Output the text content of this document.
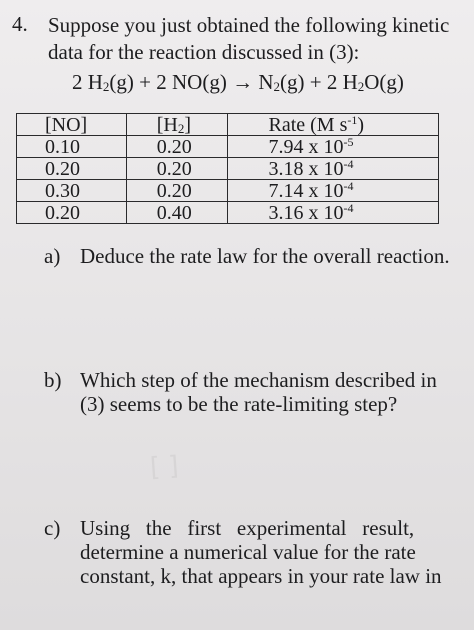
[ ]
4. Suppose you just obtained the following kinetic
data for the reaction discussed in (3):
2 $H_2(g) + 2$ $NO(g) \to N_2(g) + 2$ $H_2O(g)$
[NO]	$[H_2]$	Rate (M $s^{-1}$)
0.10	0.20	7.94 x $10^{-5}$
0.20	0.20	3.18 x $10^{-4}$
0.30	0.20	7.14 x $10^{-4}$
0.20	0.40	3.16 x $10^{-4}$
a) Deduce the rate law for the overall reaction.
b) Which step of the mechanism described in
(3) seems to be the rate-limiting step?
c) Using   the   first   experimental   result,
determine a numerical value for the rate
constant, k, that appears in your rate law in
